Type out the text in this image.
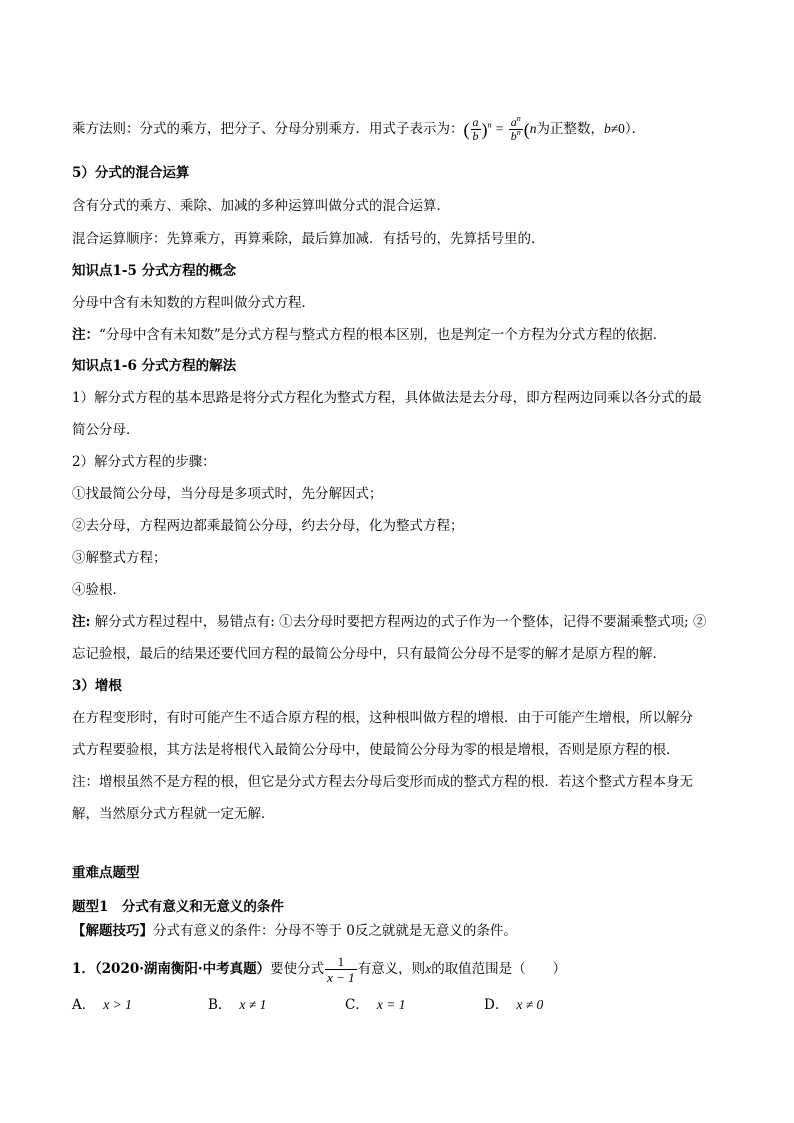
乘方法则：分式的乘方，把分子、分母分别乘方．用式子表示为：( $\frac{a}{b} )^n = \frac{a^n}{b^n} (n$为正整数，b≠0）．
5）分式的混合运算
含有分式的乘方、乘除、加减的多种运算叫做分式的混合运算．
混合运算顺序：先算乘方，再算乘除，最后算加减．有括号的，先算括号里的．
知识点1-5 分式方程的概念
分母中含有未知数的方程叫做分式方程．
注：“分母中含有未知数”是分式方程与整式方程的根本区别，也是判定一个方程为分式方程的依据．
知识点1-6 分式方程的解法
1）解分式方程的基本思路是将分式方程化为整式方程，具体做法是去分母，即方程两边同乘以各分式的最
简公分母．
2）解分式方程的步骤：
①找最简公分母，当分母是多项式时，先分解因式；
②去分母，方程两边都乘最简公分母，约去分母，化为整式方程；
③解整式方程；
④验根．
注: 解分式方程过程中，易错点有: ①去分母时要把方程两边的式子作为一个整体，记得不要漏乘整式项; ②
忘记验根，最后的结果还要代回方程的最简公分母中，只有最简公分母不是零的解才是原方程的解．
3）增根
在方程变形时，有时可能产生不适合原方程的根，这种根叫做方程的增根．由于可能产生增根，所以解分
式方程要验根，其方法是将根代入最简公分母中，使最简公分母为零的根是增根，否则是原方程的根．
注：增根虽然不是方程的根，但它是分式方程去分母后变形而成的整式方程的根．若这个整式方程本身无
解，当然原分式方程就一定无解．
重难点题型
题型1　分式有意义和无意义的条件
【解题技巧】分式有意义的条件：分母不等于 0反之就就是无意义的条件。
1．（2020·湖南衡阳·中考真题）要使分式 $\frac{1}{x - 1}$ 有意义，则x的取值范围是（　　）
A． x > 1	B． x ≠ 1	C． x = 1	D． x ≠ 0
